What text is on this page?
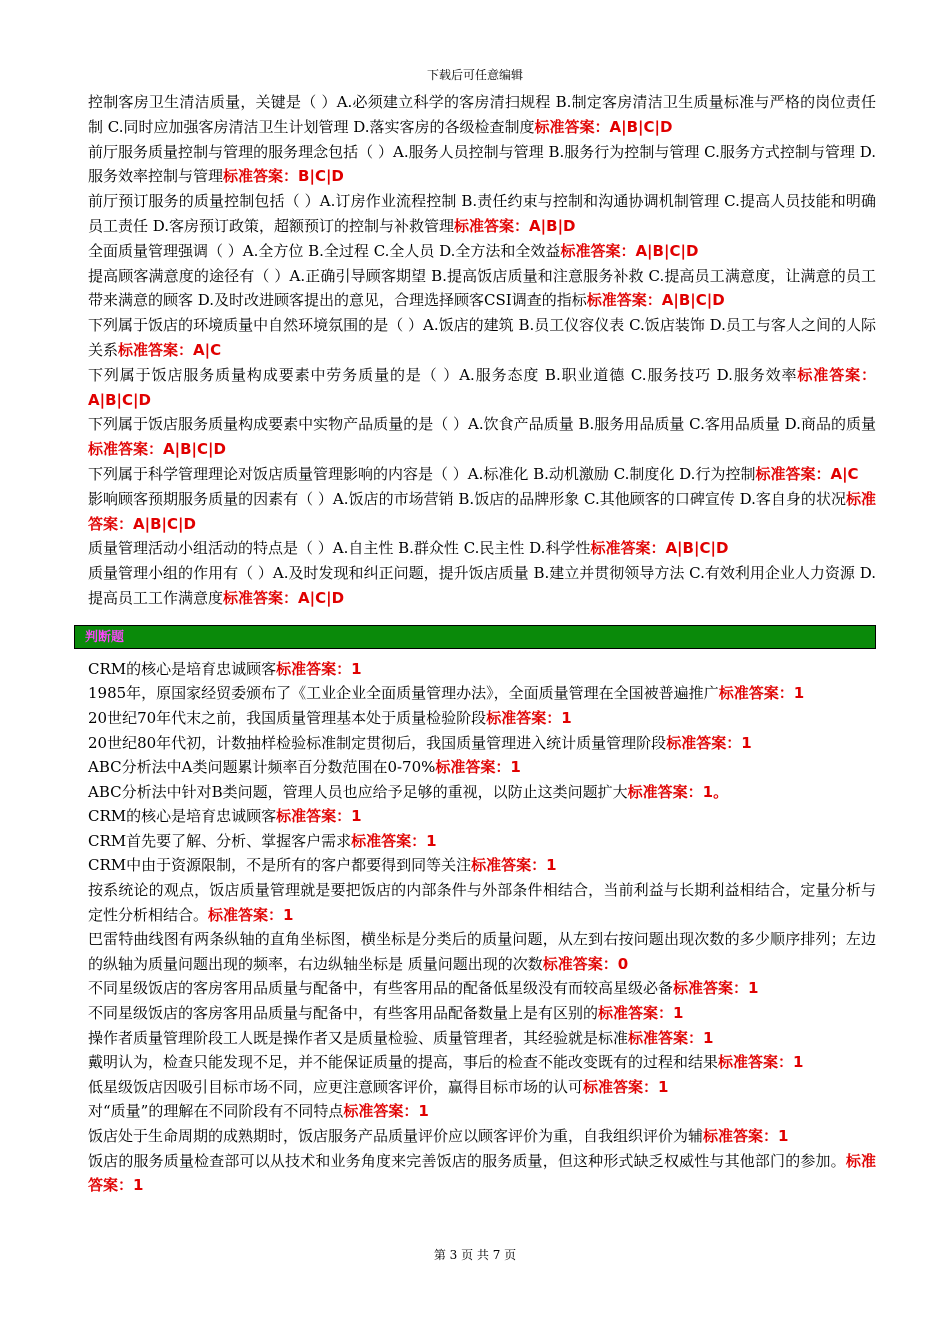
下载后可任意编辑

控制客房卫生清洁质量，关键是（ ）A.必须建立科学的客房清扫规程 B.制定客房清洁卫生质量标准与严格的岗位责任制 C.同时应加强客房清洁卫生计划管理 D.落实客房的各级检查制度标准答案：A|B|C|D

前厅服务质量控制与管理的服务理念包括（ ）A.服务人员控制与管理 B.服务行为控制与管理 C.服务方式控制与管理 D.服务效率控制与管理标准答案：B|C|D

前厅预订服务的质量控制包括（ ）A.订房作业流程控制 B.责任约束与控制和沟通协调机制管理 C.提高人员技能和明确员工责任 D.客房预订政策，超额预订的控制与补救管理标准答案：A|B|D

全面质量管理强调（ ）A.全方位 B.全过程 C.全人员 D.全方法和全效益标准答案：A|B|C|D

提高顾客满意度的途径有（ ）A.正确引导顾客期望 B.提高饭店质量和注意服务补救 C.提高员工满意度，让满意的员工带来满意的顾客 D.及时改进顾客提出的意见，合理选择顾客CSI调查的指标标准答案：A|B|C|D

下列属于饭店的环境质量中自然环境氛围的是（ ）A.饭店的建筑 B.员工仪容仪表 C.饭店装饰 D.员工与客人之间的人际关系标准答案：A|C

下列属于饭店服务质量构成要素中劳务质量的是（ ）A.服务态度 B.职业道德 C.服务技巧 D.服务效率标准答案：A|B|C|D

下列属于饭店服务质量构成要素中实物产品质量的是（ ）A.饮食产品质量 B.服务用品质量 C.客用品质量 D.商品的质量标准答案：A|B|C|D

下列属于科学管理理论对饭店质量管理影响的内容是（ ）A.标准化 B.动机激励 C.制度化 D.行为控制标准答案：A|C

影响顾客预期服务质量的因素有（ ）A.饭店的市场营销 B.饭店的品牌形象 C.其他顾客的口碑宣传 D.客自身的状况标准答案：A|B|C|D

质量管理活动小组活动的特点是（ ）A.自主性 B.群众性 C.民主性 D.科学性标准答案：A|B|C|D

质量管理小组的作用有（ ）A.及时发现和纠正问题，提升饭店质量 B.建立并贯彻领导方法 C.有效利用企业人力资源 D.提高员工工作满意度标准答案：A|C|D

判断题

CRM的核心是培育忠诚顾客标准答案：1

1985年，原国家经贸委颁布了《工业企业全面质量管理办法》，全面质量管理在全国被普遍推广标准答案：1

20世纪70年代末之前，我国质量管理基本处于质量检验阶段标准答案：1

20世纪80年代初，计数抽样检验标准制定贯彻后，我国质量管理进入统计质量管理阶段标准答案：1

ABC分析法中A类问题累计频率百分数范围在0-70%标准答案：1

ABC分析法中针对B类问题，管理人员也应给予足够的重视，以防止这类问题扩大标准答案：1。

CRM的核心是培育忠诚顾客标准答案：1

CRM首先要了解、分析、掌握客户需求标准答案：1

CRM中由于资源限制，不是所有的客户都要得到同等关注标准答案：1

按系统论的观点，饭店质量管理就是要把饭店的内部条件与外部条件相结合，当前利益与长期利益相结合，定量分析与定性分析相结合。标准答案：1

巴雷特曲线图有两条纵轴的直角坐标图，横坐标是分类后的质量问题，从左到右按问题出现次数的多少顺序排列；左边的纵轴为质量问题出现的频率，右边纵轴坐标是 质量问题出现的次数标准答案：0

不同星级饭店的客房客用品质量与配备中，有些客用品的配备低星级没有而较高星级必备标准答案：1

不同星级饭店的客房客用品质量与配备中，有些客用品配备数量上是有区别的标准答案：1

操作者质量管理阶段工人既是操作者又是质量检验、质量管理者，其经验就是标准标准答案：1

戴明认为，检查只能发现不足，并不能保证质量的提高，事后的检查不能改变既有的过程和结果标准答案：1

低星级饭店因吸引目标市场不同，应更注意顾客评价，赢得目标市场的认可标准答案：1

对“质量”的理解在不同阶段有不同特点标准答案：1

饭店处于生命周期的成熟期时，饭店服务产品质量评价应以顾客评价为重，自我组织评价为辅标准答案：1

饭店的服务质量检查部可以从技术和业务角度来完善饭店的服务质量，但这种形式缺乏权威性与其他部门的参加。标准答案：1

第 3 页 共 7 页
